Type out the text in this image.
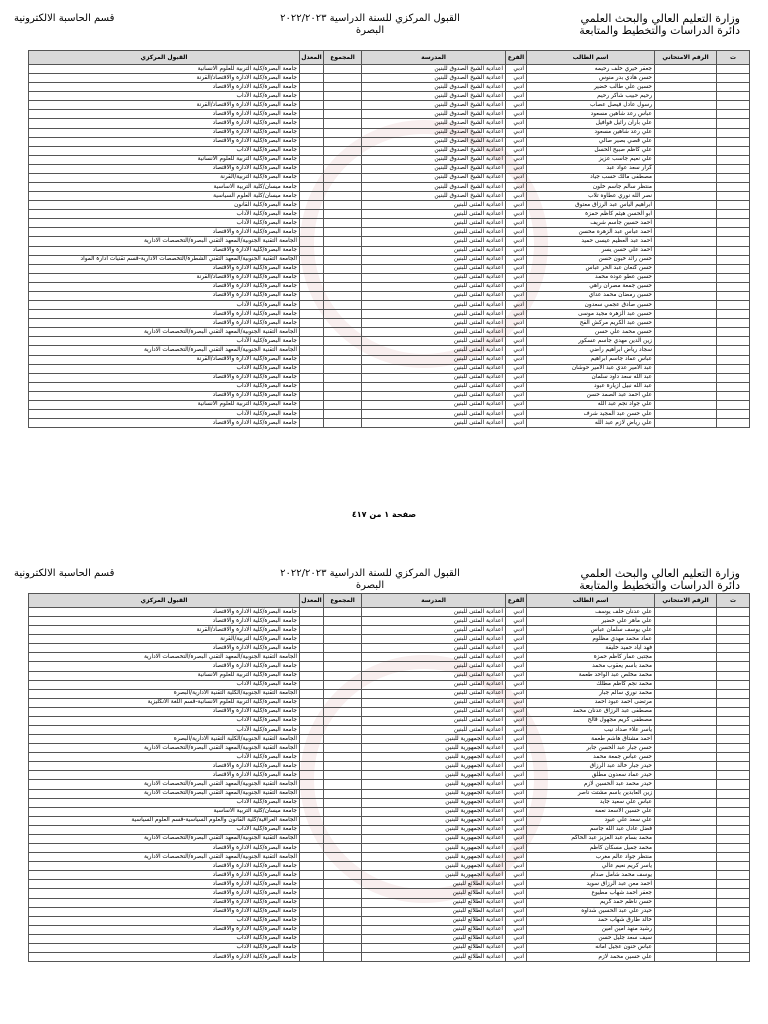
وزارة التعليم العالي والبحث العلمي
دائرة الدراسات والتخطيط والمتابعة
القبول المركزي للسنة الدراسية ٢٠٢٢/٢٠٢٣
البصرة
قسم الحاسبة الالكترونية
ت	الرقم الامتحاني	اسم الطالب	الفرع	المدرسة	المجموع	المعدل	القبول المركزي
		جعفر خيري خلف رحيمه	ادبي	اعدادية الشيخ الصدوق للبنين			جامعة البصرة/كلية التربية للعلوم الانسانية
		حسن هادي بدر منوس	ادبي	اعدادية الشيخ الصدوق للبنين			جامعة البصرة/كلية الادارة والاقتصاد/القرنة
		حسين علي طالب خضير	ادبي	اعدادية الشيخ الصدوق للبنين			جامعة البصرة/كلية الادارة والاقتصاد
		رحيم حبيب شاكر رحيم	ادبي	اعدادية الشيخ الصدوق للبنين			جامعة البصرة/كلية الآداب
		رسول عادل فيصل عصاب	ادبي	اعدادية الشيخ الصدوق للبنين			جامعة البصرة/كلية الادارة والاقتصاد/القرنة
		عباس رعد شاهين مسعود	ادبي	اعدادية الشيخ الصدوق للبنين			جامعة البصرة/كلية الادارة والاقتصاد
		علي باران رائيل فوافيل	ادبي	اعدادية الشيخ الصدوق للبنين			جامعة البصرة/كلية الادارة والاقتصاد
		علي رعد شاهين مسعود	ادبي	اعدادية الشيخ الصدوق للبنين			جامعة البصرة/كلية الادارة والاقتصاد
		علي قصي بصير صالي	ادبي	اعدادية الشيخ الصدوق للبنين			جامعة البصرة/كلية الادارة والاقتصاد
		علي كاظم صبيح الحسل	ادبي	اعدادية الشيخ الصدوق للبنين			جامعة البصرة/كلية الآداب
		علي نعيم جاسب عزيز	ادبي	اعدادية الشيخ الصدوق للبنين			جامعة البصرة/كلية التربية للعلوم الانسانية
		كرار سعد عواد عبد	ادبي	اعدادية الشيخ الصدوق للبنين			جامعة البصرة/كلية الادارة والاقتصاد
		مصطفى مالك حسب جياد	ادبي	اعدادية الشيخ الصدوق للبنين			جامعة البصرة/كلية التربية/القرنة
		منتظر سالم جاسم خلون	ادبي	اعدادية الشيخ الصدوق للبنين			جامعة ميسان/كلية التربية الاساسية
		نصر الله نوري عطاوه تلاب	ادبي	اعدادية الشيخ الصدوق للبنين			جامعة ميسان/كلية العلوم السياسية
		ابراهيم الياس عبد الرزاق معتوق	ادبي	اعدادية المثنى للبنين			جامعة البصرة/كلية القانون
		ابو الحسن هيثم كاظم حمزة	ادبي	اعدادية المثنى للبنين			جامعة البصرة/كلية الآداب
		احمد حسين جاسم شريف	ادبي	اعدادية المثنى للبنين			جامعة البصرة/كلية الآداب
		احمد عباس عبد الزهره محسن	ادبي	اعدادية المثنى للبنين			جامعة البصرة/كلية الادارة والاقتصاد
		احمد عبد العظيم عيسى حميد	ادبي	اعدادية المثنى للبنين			الجامعة التقنية الجنوبية/المعهد التقني البصرة/التخصصات الادارية
		احمد علي حسن يسر	ادبي	اعدادية المثنى للبنين			جامعة البصرة/كلية الادارة والاقتصاد
		حسن رائد خيون حسن	ادبي	اعدادية المثنى للبنين			الجامعة التقنية الجنوبية/المعهد التقني الشطرة/التخصصات الادارية-قسم تقنيات ادارة المواد
		حسن كنعان عبد الحر عباس	ادبي	اعدادية المثنى للبنين			جامعة البصرة/كلية الادارة والاقتصاد
		حسين عطو عوده محمد	ادبي	اعدادية المثنى للبنين			جامعة البصرة/كلية الادارة والاقتصاد/القرنة
		حسين جمعة مصران راهي	ادبي	اعدادية المثنى للبنين			جامعة البصرة/كلية الادارة والاقتصاد
		حسين رمضان محمد عداي	ادبي	اعدادية المثنى للبنين			جامعة البصرة/كلية الادارة والاقتصاد
		حسين صادق عجمي سعدون	ادبي	اعدادية المثنى للبنين			جامعة البصرة/كلية الآداب
		حسين عبد الزهره مجيد موسى	ادبي	اعدادية المثنى للبنين			جامعة البصرة/كلية الادارة والاقتصاد
		حسين عبد الكريم مركش الفح	ادبي	اعدادية المثنى للبنين			جامعة البصرة/كلية الادارة والاقتصاد
		حسين محمد علي حسن	ادبي	اعدادية المثنى للبنين			الجامعة التقنية الجنوبية/المعهد التقني البصرة/التخصصات الادارية
		زين الدين مهدي جاسم عسكور	ادبي	اعدادية المثنى للبنين			جامعة البصرة/كلية الآداب
		سجاد رياض ابراهيم راضي	ادبي	اعدادية المثنى للبنين			الجامعة التقنية الجنوبية/المعهد التقني البصرة/التخصصات الادارية
		عباس عماد جاسم ابراهيم	ادبي	اعدادية المثنى للبنين			جامعة البصرة/كلية الادارة والاقتصاد/القرنة
		عبد الامير عدي عبد الامير حوشان	ادبي	اعدادية المثنى للبنين			جامعة البصرة/كلية الآداب
		عبد الله سعد داود سلمان	ادبي	اعدادية المثنى للبنين			جامعة البصرة/كلية الادارة والاقتصاد
		عبد الله نبيل ازيارة عبود	ادبي	اعدادية المثنى للبنين			جامعة البصرة/كلية الآداب
		علي احمد عبد الصمد حسن	ادبي	اعدادية المثنى للبنين			جامعة البصرة/كلية الادارة والاقتصاد
		علي جواد نجم عبد الله	ادبي	اعدادية المثنى للبنين			جامعة البصرة/كلية التربية للعلوم الانسانية
		علي حسن عبد المجيد شرف	ادبي	اعدادية المثنى للبنين			جامعة البصرة/كلية الآداب
		علي رياض لازم عبد الله	ادبي	اعدادية المثنى للبنين			جامعة البصرة/كلية الادارة والاقتصاد
صفحة ١ من ٤١٧
وزارة التعليم العالي والبحث العلمي
دائرة الدراسات والتخطيط والمتابعة
القبول المركزي للسنة الدراسية ٢٠٢٢/٢٠٢٣
البصرة
قسم الحاسبة الالكترونية
ت	الرقم الامتحاني	اسم الطالب	الفرع	المدرسة	المجموع	المعدل	القبول المركزي
		علي عدنان خلف يوسف	ادبي	اعدادية المثنى للبنين			جامعة البصرة/كلية الادارة والاقتصاد
		علي ماهر علي خضير	ادبي	اعدادية المثنى للبنين			جامعة البصرة/كلية الادارة والاقتصاد
		علي يوسف سلمان عباس	ادبي	اعدادية المثنى للبنين			جامعة البصرة/كلية الادارة والاقتصاد/القرنة
		عماد محمد مهدي مظلوم	ادبي	اعدادية المثنى للبنين			جامعة البصرة/كلية التربية/القرنة
		فهد اياد حميد خليفة	ادبي	اعدادية المثنى للبنين			جامعة البصرة/كلية الادارة والاقتصاد
		مجتبى عمار كاظم حمزة	ادبي	اعدادية المثنى للبنين			الجامعة التقنية الجنوبية/المعهد التقني البصرة/التخصصات الادارية
		محمد باسم يعقوب محمد	ادبي	اعدادية المثنى للبنين			جامعة البصرة/كلية الادارة والاقتصاد
		محمد مخلص عبد الواحد طعمة	ادبي	اعدادية المثنى للبنين			جامعة البصرة/كلية التربية للعلوم الانسانية
		محمد نجم كاظم مطلك	ادبي	اعدادية المثنى للبنين			جامعة البصرة/كلية الآداب
		محمد نوري سالم جبار	ادبي	اعدادية المثنى للبنين			الجامعة التقنية الجنوبية/الكلية التقنية الادارية/البصرة
		مرتضى احمد عبود احمد	ادبي	اعدادية المثنى للبنين			جامعة البصرة/كلية التربية للعلوم الانسانية-قسم اللغة الانكليزية
		مصطفى عبد الرزاق عدنان محمد	ادبي	اعدادية المثنى للبنين			جامعة البصرة/كلية الادارة والاقتصاد
		مصطفى كريم مجهول قالح	ادبي	اعدادية المثنى للبنين			جامعة البصرة/كلية الآداب
		ياسر علاء صداد نيب	ادبي	اعدادية المثنى للبنين			جامعة البصرة/كلية الآداب
		احمد مشتاق هاشم طعمة	ادبي	اعدادية الجمهورية للبنين			الجامعة التقنية الجنوبية/الكلية التقنية الادارية/البصرة
		حسن جبار عبد الحسن جابر	ادبي	اعدادية الجمهورية للبنين			الجامعة التقنية الجنوبية/المعهد التقني البصرة/التخصصات الادارية
		حسن عباس جمعة محمد	ادبي	اعدادية الجمهورية للبنين			جامعة البصرة/كلية الآداب
		حيدر جبار خالد عبد الرزاق	ادبي	اعدادية الجمهورية للبنين			جامعة البصرة/كلية الادارة والاقتصاد
		حيدر عماد سعدون مطلق	ادبي	اعدادية الجمهورية للبنين			جامعة البصرة/كلية الادارة والاقتصاد
		حيدر محمد عبد الحسين لازم	ادبي	اعدادية الجمهورية للبنين			الجامعة التقنية الجنوبية/المعهد التقني البصرة/التخصصات الادارية
		زين العابدين باسم مشتت ناصر	ادبي	اعدادية الجمهورية للبنين			الجامعة التقنية الجنوبية/المعهد التقني البصرة/التخصصات الادارية
		عباس علي سعيد جايد	ادبي	اعدادية الجمهورية للبنين			جامعة البصرة/كلية الآداب
		علي حسين الاسعد نعمه	ادبي	اعدادية الجمهورية للبنين			جامعة ميسان/كلية التربية الاساسية
		علي سعد علي عبود	ادبي	اعدادية الجمهورية للبنين			الجامعة العراقية/كلية القانون والعلوم السياسية-قسم العلوم السياسية
		فضل عادل عبد الله جاسم	ادبي	اعدادية الجمهورية للبنين			جامعة البصرة/كلية الآداب
		محمد بسام عبد العزيز عبد الحاكم	ادبي	اعدادية الجمهورية للبنين			الجامعة التقنية الجنوبية/المعهد التقني البصرة/التخصصات الادارية
		محمد جميل مسكان كاظم	ادبي	اعدادية الجمهورية للبنين			جامعة البصرة/كلية الادارة والاقتصاد
		منتظر جواد عالم مغرب	ادبي	اعدادية الجمهورية للبنين			الجامعة التقنية الجنوبية/المعهد التقني البصرة/التخصصات الادارية
		ياسر كريم نعيم عالي	ادبي	اعدادية الجمهورية للبنين			جامعة البصرة/كلية الادارة والاقتصاد
		يوسف محمد شامل صدام	ادبي	اعدادية الجمهورية للبنين			جامعة البصرة/كلية الادارة والاقتصاد
		احمد معن عبد الرزاق سويد	ادبي	اعدادية الطلائع للبنين			جامعة البصرة/كلية الادارة والاقتصاد
		جعفر احمد شهاب مطيوع	ادبي	اعدادية الطلائع للبنين			جامعة البصرة/كلية الادارة والاقتصاد
		حسن ناظم حمد كريم	ادبي	اعدادية الطلائع للبنين			جامعة البصرة/كلية الادارة والاقتصاد
		حيدر علي عبد الحسين شداوه	ادبي	اعدادية الطلائع للبنين			جامعة البصرة/كلية الادارة والاقتصاد
		خالد طارق شهاب حمد	ادبي	اعدادية الطلائع للبنين			جامعة البصرة/كلية الآداب
		رشيد منهد امين امين	ادبي	اعدادية الطلائع للبنين			جامعة البصرة/كلية الادارة والاقتصاد
		سيف سعد جليل حسن	ادبي	اعدادية الطلائع للبنين			جامعة البصرة/كلية الآداب
		عباس حنون عجيل امانه	ادبي	اعدادية الطلائع للبنين			جامعة البصرة/كلية الآداب
		علي حسين محمد لازم	ادبي	اعدادية الطلائع للبنين			جامعة البصرة/كلية الادارة والاقتصاد
